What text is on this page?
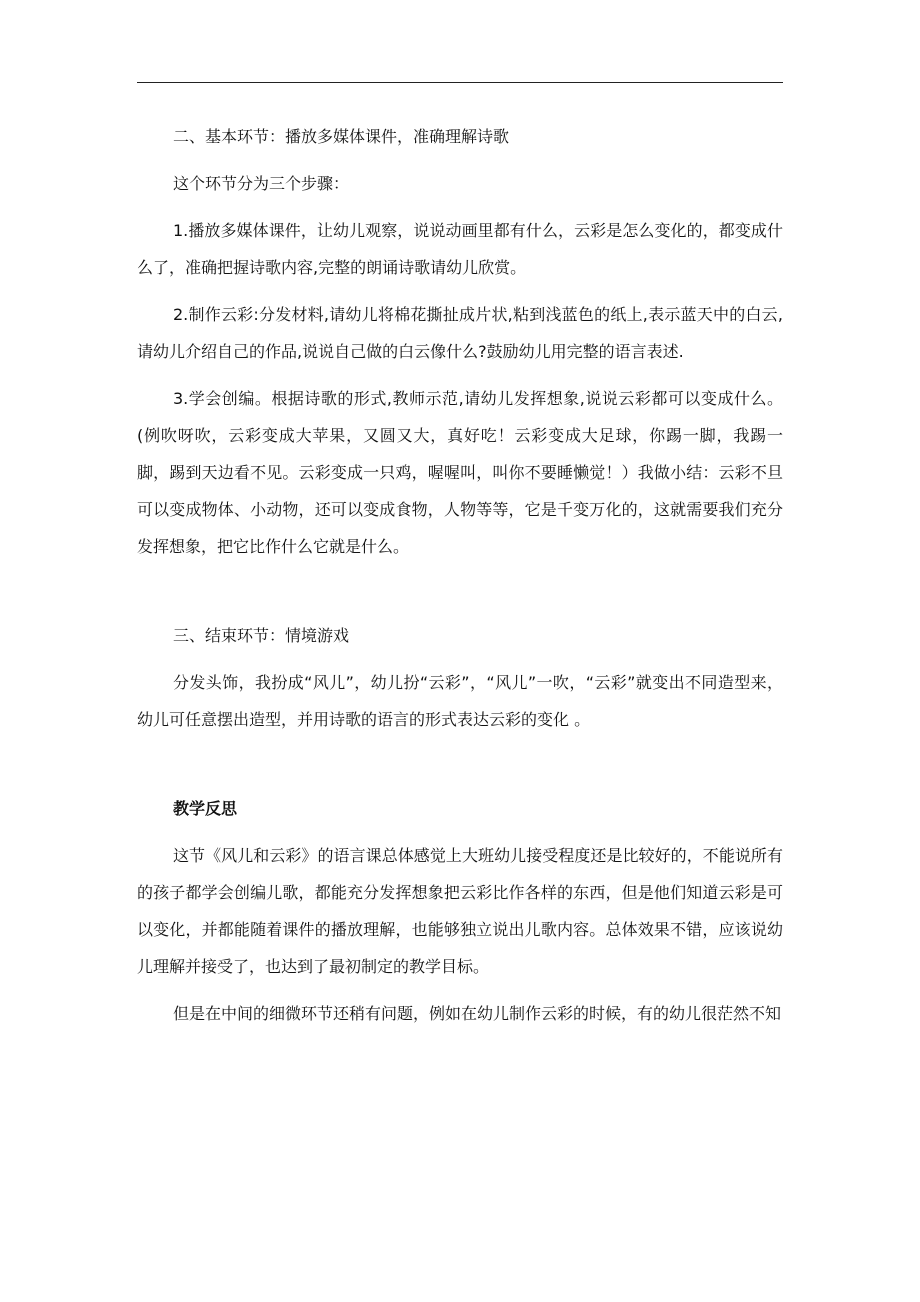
二、基本环节：播放多媒体课件，准确理解诗歌

这个环节分为三个步骤：

1.播放多媒体课件，让幼儿观察，说说动画里都有什么，云彩是怎么变化的，都变成什么了，准确把握诗歌内容,完整的朗诵诗歌请幼儿欣赏。

2.制作云彩:分发材料,请幼儿将棉花撕扯成片状,粘到浅蓝色的纸上,表示蓝天中的白云,请幼儿介绍自己的作品,说说自己做的白云像什么?鼓励幼儿用完整的语言表述.

3.学会创编。根据诗歌的形式,教师示范,请幼儿发挥想象,说说云彩都可以变成什么。(例吹呀吹，云彩变成大苹果，又圆又大，真好吃！云彩变成大足球，你踢一脚，我踢一脚，踢到天边看不见。云彩变成一只鸡，喔喔叫，叫你不要睡懒觉！）我做小结：云彩不旦可以变成物体、小动物，还可以变成食物，人物等等，它是千变万化的，这就需要我们充分发挥想象，把它比作什么它就是什么。

三、结束环节：情境游戏

分发头饰，我扮成“风儿”，幼儿扮“云彩”，“风儿”一吹，“云彩”就变出不同造型来，幼儿可任意摆出造型，并用诗歌的语言的形式表达云彩的变化 。

教学反思

这节《风儿和云彩》的语言课总体感觉上大班幼儿接受程度还是比较好的，不能说所有的孩子都学会创编儿歌，都能充分发挥想象把云彩比作各样的东西，但是他们知道云彩是可以变化，并都能随着课件的播放理解，也能够独立说出儿歌内容。总体效果不错，应该说幼儿理解并接受了，也达到了最初制定的教学目标。

但是在中间的细微环节还稍有问题，例如在幼儿制作云彩的时候，有的幼儿很茫然不知
